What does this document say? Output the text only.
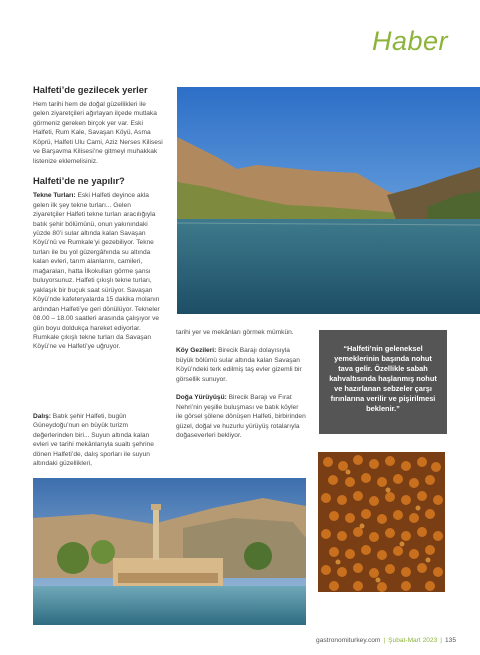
Haber
Halfeti’de gezilecek yerler

Hem tarihi hem de doğal güzellikleri ile gelen ziyaretçileri ağırlayan ilçede mutlaka görmeniz gereken birçok yer var. Eski Halfeti, Rum Kale, Savaşan Köyü, Asma Köprü, Halfeti Ulu Cami, Aziz Nerses Kilisesi ve Barşavma Kilisesi’ne gitmeyi muhakkak listenize eklemelisiniz.

Halfeti’de ne yapılır?

Tekne Turları: Eski Halfeti deyince akla gelen ilk şey tekne turları... Gelen ziyaretçiler Halfeti tekne turları aracılığıyla batık şehir bölümünü, onun yakınındaki yüzde 80’i sular altında kalan Savaşan Köyü’nü ve Rumkale’yi gezebiliyor. Tekne turları ile bu yol güzergâhında su altında kalan evleri, tarım alanlarını, camileri, mağaraları, hatta İlkokulları görme şansı buluyorsunuz. Halfeti çıkışlı tekne turları, yaklaşık bir buçuk saat sürüyor. Savaşan Köyü’nde kafeteryalarda 15 dakika molanın ardından Halfeti’ye geri dönülüyor. Tekneler 08.00 – 18.00 saatleri arasında çalışıyor ve gün boyu doldukça hareket ediyorlar. Rumkale çıkışlı tekne turları da Savaşan Köyü’ne ve Halfeti’ye uğruyor.

Dalış: Batık şehir Halfeti, bugün Güneydoğu’nun en büyük turizm değerlerinden biri... Suyun altında kalan evleri ve tarihi mekânlarıyla sualtı şehrine dönen Halfeti’de, dalış sporları ile suyun altındaki güzellikleri,

tarihi yer ve mekânları görmek mümkün.

Köy Gezileri: Birecik Barajı dolayısıyla büyük bölümü sular altında kalan Savaşan Köyü’ndeki terk edilmiş taş evler gizemli bir görsellik sunuyor.

Doğa Yürüyüşü: Birecik Barajı ve Fırat Nehri’nin yeşille buluşması ve batık köyler ile görsel şölene dönüşen Halfeti, birbirinden güzel, doğal ve huzurlu yürüyüş rotalarıyla doğaseverleri bekliyor.

“Halfeti’nin geleneksel yemeklerinin başında nohut tava gelir. Özellikle sabah kahvaltısında haşlanmış nohut ve hazırlanan sebzeler çarşı fırınlarına verilir ve pişirilmesi beklenir.”
gastronomiturkey.com | Şubat-Mart 2023 | 135
